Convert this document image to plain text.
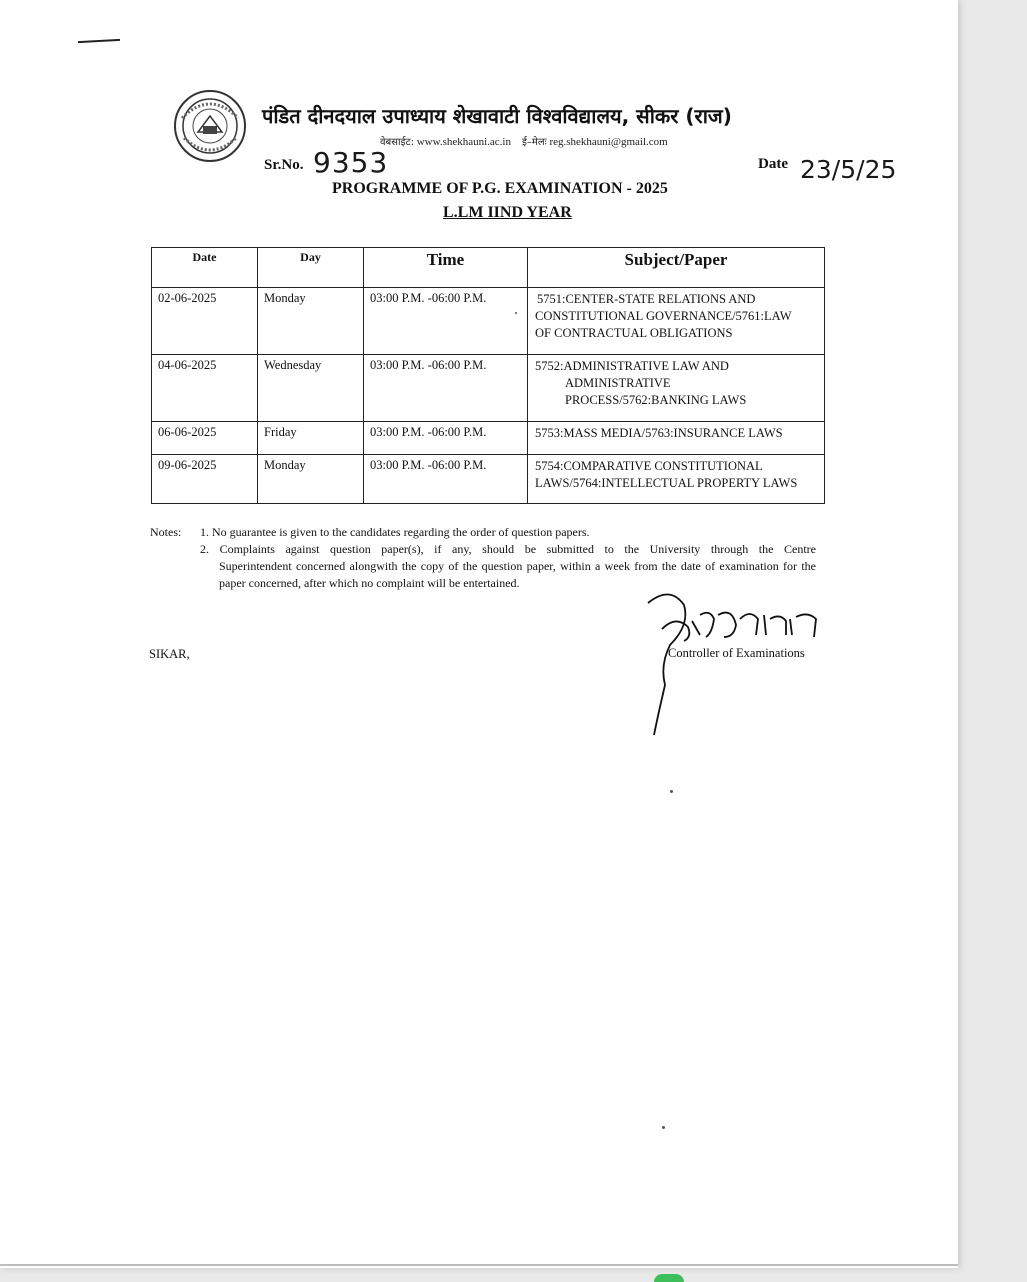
पंडित दीनदयाल उपाध्याय शेखावाटी विश्वविद्यालय, सीकर (राज)
वेबसाईट: www.shekhauni.ac.in ई–मेलः reg.shekhauni@gmail.com
Sr.No. 9353	Date 23/5/25
PROGRAMME OF P.G. EXAMINATION - 2025
L.LM IIND YEAR
Date	Day	Time	Subject/Paper
02-06-2025	Monday	03:00 P.M. -06:00 P.M.	5751:CENTER-STATE RELATIONS AND
CONSTITUTIONAL GOVERNANCE/5761:LAW
OF CONTRACTUAL OBLIGATIONS

04-06-2025	Wednesday	03:00 P.M. -06:00 P.M.	5752:ADMINISTRATIVE LAW AND
ADMINISTRATIVE
PROCESS/5762:BANKING LAWS

06-06-2025	Friday	03:00 P.M. -06:00 P.M.	5753:MASS MEDIA/5763:INSURANCE LAWS

09-06-2025	Monday	03:00 P.M. -06:00 P.M.	5754:COMPARATIVE CONSTITUTIONAL
LAWS/5764:INTELLECTUAL PROPERTY LAWS
Notes: 1. No guarantee is given to the candidates regarding the order of question papers.
2. Complaints against question paper(s), if any, should be submitted to the University through the Centre
Superintendent concerned alongwith the copy of the question paper, within a week from the date of examination for the paper concerned, after which no complaint will be entertained.
SIKAR,	Controller of Examinations
